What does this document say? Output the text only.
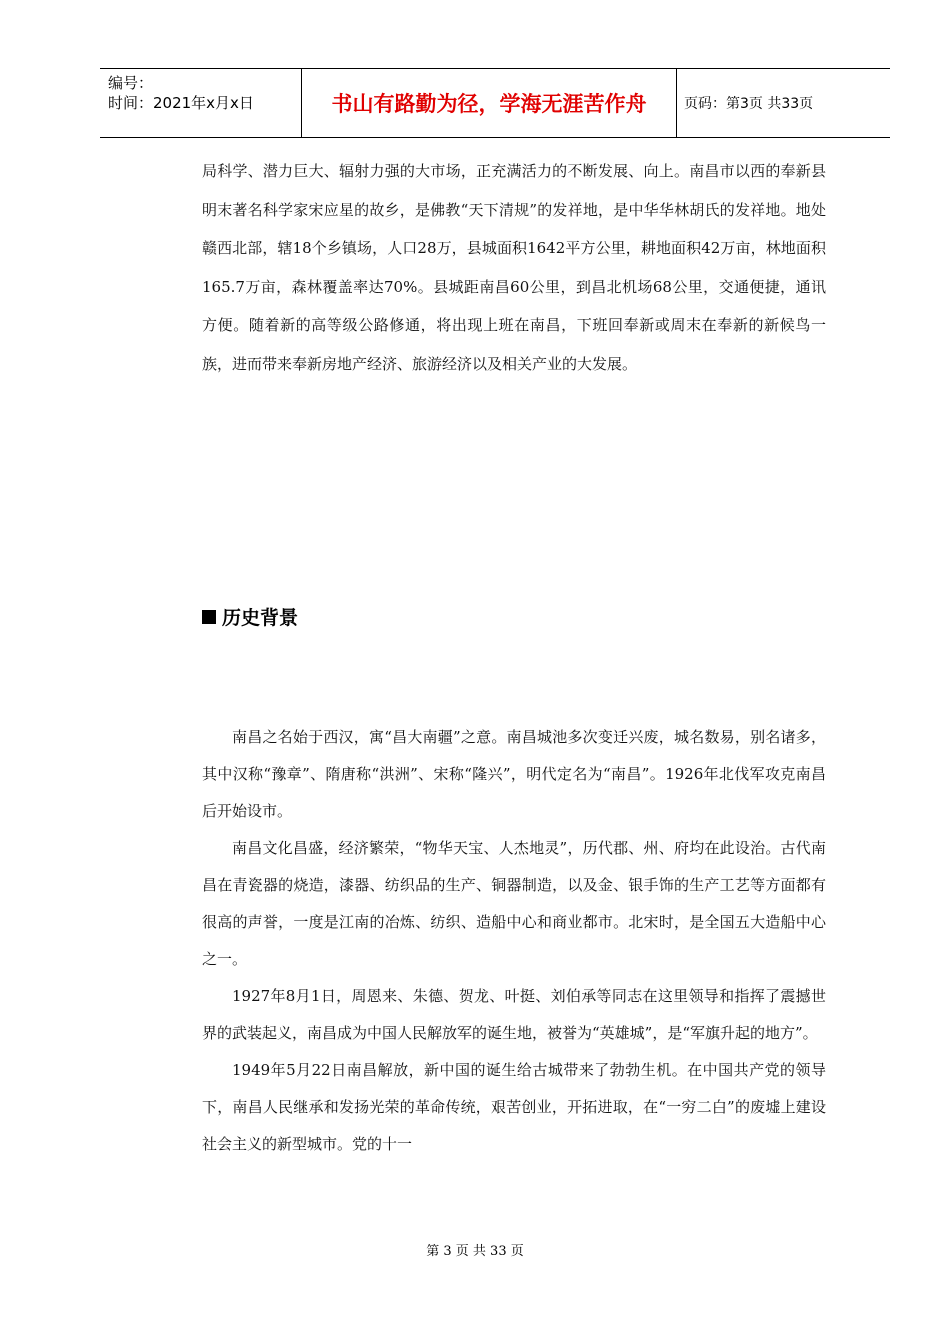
编号：
时间：2021年x月x日	书山有路勤为径，学海无涯苦作舟	页码：第3页 共33页

局科学、潜力巨大、辐射力强的大市场，正充满活力的不断发展、向上。南昌市以西的奉新县明末著名科学家宋应星的故乡，是佛教“天下清规”的发祥地，是中华华林胡氏的发祥地。地处赣西北部，辖18个乡镇场，人口28万，县城面积1642平方公里，耕地面积42万亩，林地面积165.7万亩，森林覆盖率达70%。县城距南昌60公里，到昌北机场68公里，交通便捷，通讯方便。随着新的高等级公路修通，将出现上班在南昌，下班回奉新或周末在奉新的新候鸟一族，进而带来奉新房地产经济、旅游经济以及相关产业的大发展。

历史背景

南昌之名始于西汉，寓“昌大南疆”之意。南昌城池多次变迁兴废，城名数易，别名诸多，其中汉称“豫章”、隋唐称“洪洲”、宋称“隆兴”，明代定名为“南昌”。1926年北伐军攻克南昌后开始设市。

南昌文化昌盛，经济繁荣，“物华天宝、人杰地灵”，历代郡、州、府均在此设治。古代南昌在青瓷器的烧造，漆器、纺织品的生产、铜器制造，以及金、银手饰的生产工艺等方面都有很高的声誉，一度是江南的冶炼、纺织、造船中心和商业都市。北宋时，是全国五大造船中心之一。

1927年8月1日，周恩来、朱德、贺龙、叶挺、刘伯承等同志在这里领导和指挥了震撼世界的武装起义，南昌成为中国人民解放军的诞生地，被誉为“英雄城”，是“军旗升起的地方”。

1949年5月22日南昌解放，新中国的诞生给古城带来了勃勃生机。在中国共产党的领导下，南昌人民继承和发扬光荣的革命传统，艰苦创业，开拓进取，在“一穷二白”的废墟上建设社会主义的新型城市。党的十一

第 3 页 共 33 页
